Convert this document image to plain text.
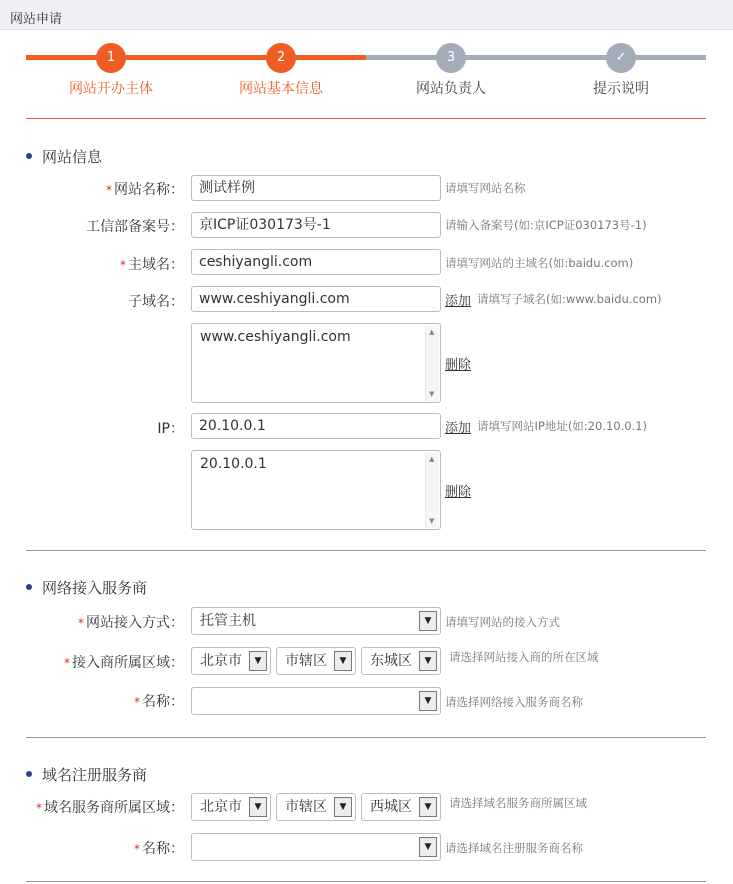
网站申请
1
网站开办主体
2
网站基本信息
3
网站负责人
✓
提示说明
网站信息
* 网站名称：	测试样例	请填写网站名称
工信部备案号：	京ICP证030173号-1	请输入备案号(如:京ICP证030173号-1)
* 主域名：	ceshiyangli.com	请填写网站的主域名(如:baidu.com)
子域名：	www.ceshiyangli.com	添加 请填写子域名(如:www.baidu.com)
www.ceshiyangli.com	▲
▼
删除
IP：	20.10.0.1	添加 请填写网站IP地址(如:20.10.0.1)
20.10.0.1	▲
▼
删除
网络接入服务商
* 网站接入方式：	托管主机	▼	请填写网站的接入方式
* 接入商所属区域：	北京市	▼	市辖区	▼	东城区	▼	请选择网站接入商的所在区域
* 名称：	▼	请选择网络接入服务商名称
域名注册服务商
* 域名服务商所属区域：	北京市	▼	市辖区	▼	西城区	▼	请选择域名服务商所属区域
* 名称：	▼	请选择域名注册服务商名称
